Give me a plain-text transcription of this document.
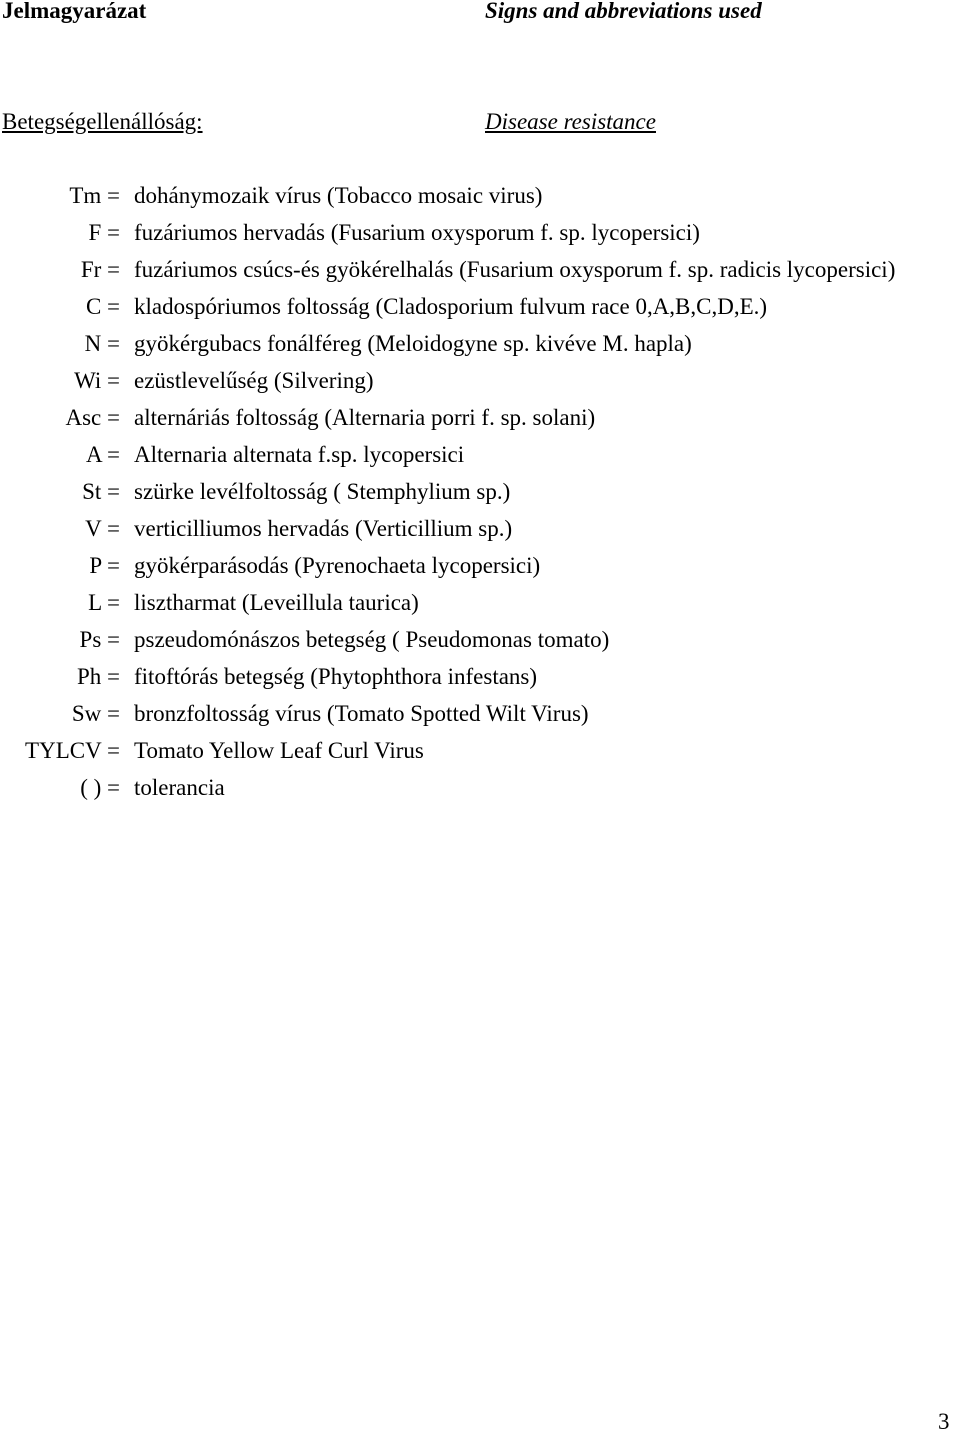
Jelmagyarázat	Signs and abbreviations used
Betegségellenállóság:	Disease resistance
Tm = dohánymozaik vírus (Tobacco mosaic virus)
F = fuzáriumos hervadás (Fusarium oxysporum f. sp. lycopersici)
Fr = fuzáriumos csúcs-és gyökérelhalás (Fusarium oxysporum f. sp. radicis lycopersici)
C = kladospóriumos foltosság (Cladosporium fulvum race 0,A,B,C,D,E.)
N = gyökérgubacs fonálféreg (Meloidogyne sp. kivéve M. hapla)
Wi = ezüstlevelűség (Silvering)
Asc = alternáriás foltosság (Alternaria porri f. sp. solani)
A = Alternaria alternata f.sp. lycopersici
St = szürke levélfoltosság ( Stemphylium sp.)
V = verticilliumos hervadás (Verticillium sp.)
P = gyökérparásodás (Pyrenochaeta lycopersici)
L = lisztharmat (Leveillula taurica)
Ps = pszeudomónászos betegség ( Pseudomonas tomato)
Ph = fitoftórás betegség (Phytophthora infestans)
Sw = bronzfoltosság vírus (Tomato Spotted Wilt Virus)
TYLCV = Tomato Yellow Leaf Curl Virus
( ) = tolerancia
3
